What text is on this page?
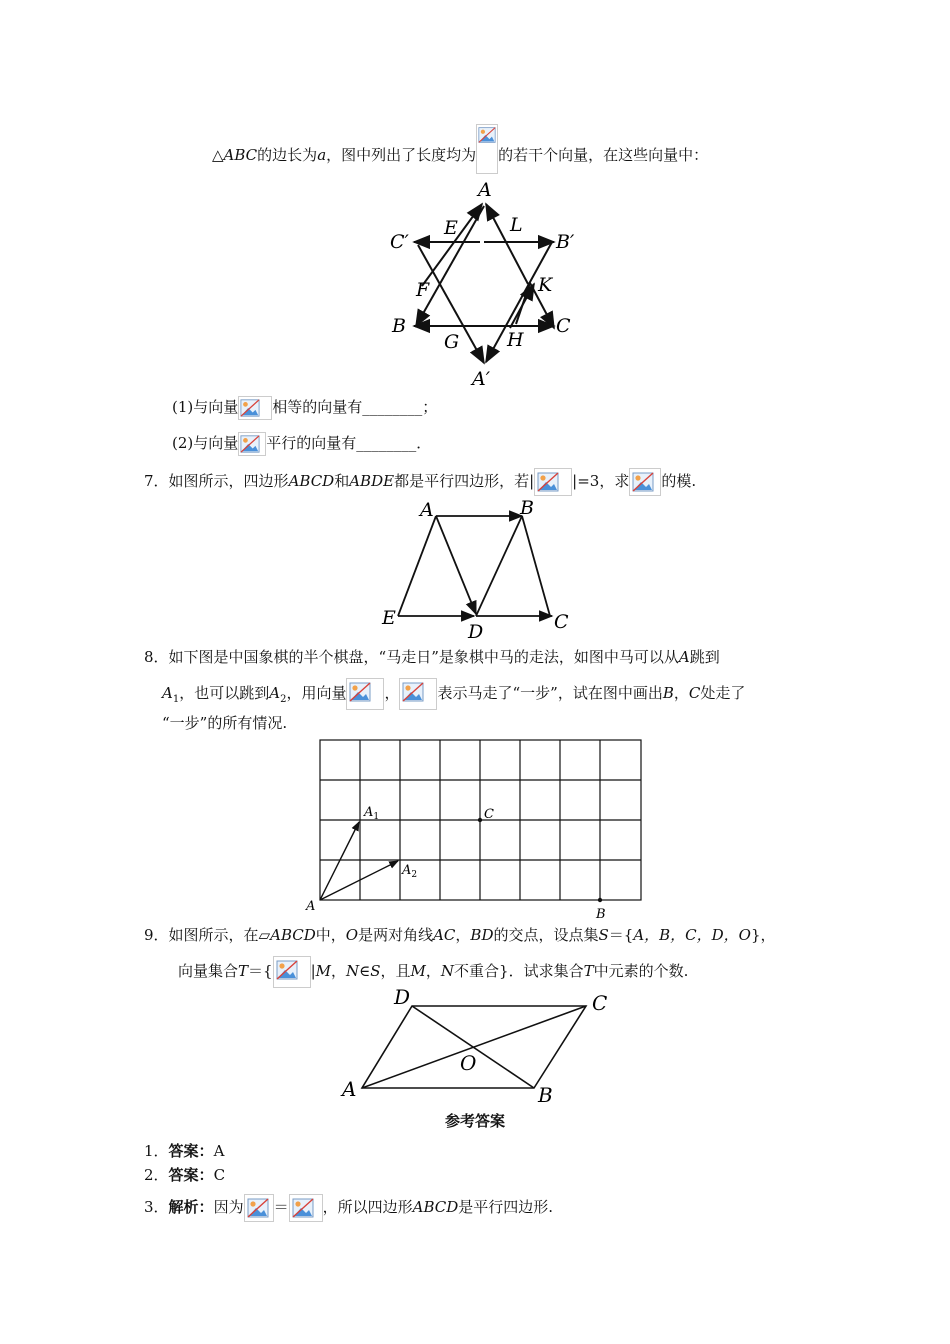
△ABC的边长为a，图中列出了长度均为 的若干个向量，在这些向量中：
A
B′
C
A′
B
C′
E	L
F	K
G	H
(1)与向量 相等的向量有________；
(2)与向量 平行的向量有________．
7．如图所示，四边形ABCD和ABDE都是平行四边形，若|	|=3，求 的模.
A	B
C
D
E
8．如下图是中国象棋的半个棋盘，“马走日”是象棋中马的走法，如图中马可以从A跳到
$A_1$，也可以跳到$A_2$，用向量	，	表示马走了“一步”，试在图中画出B，C处走了
“一步”的所有情况.
A
$A_1$
$A_2$
C
B
9．如图所示，在▱ABCD中，O是两对角线AC，BD的交点，设点集S＝{A，B，C，D，O}，
向量集合T＝{	|M，N∈S，且M，N不重合}．试求集合T中元素的个数.
A	B
C
D
O
参考答案
1．答案：A
2．答案：C
3．解析：因为 ＝ ，所以四边形ABCD是平行四边形.
